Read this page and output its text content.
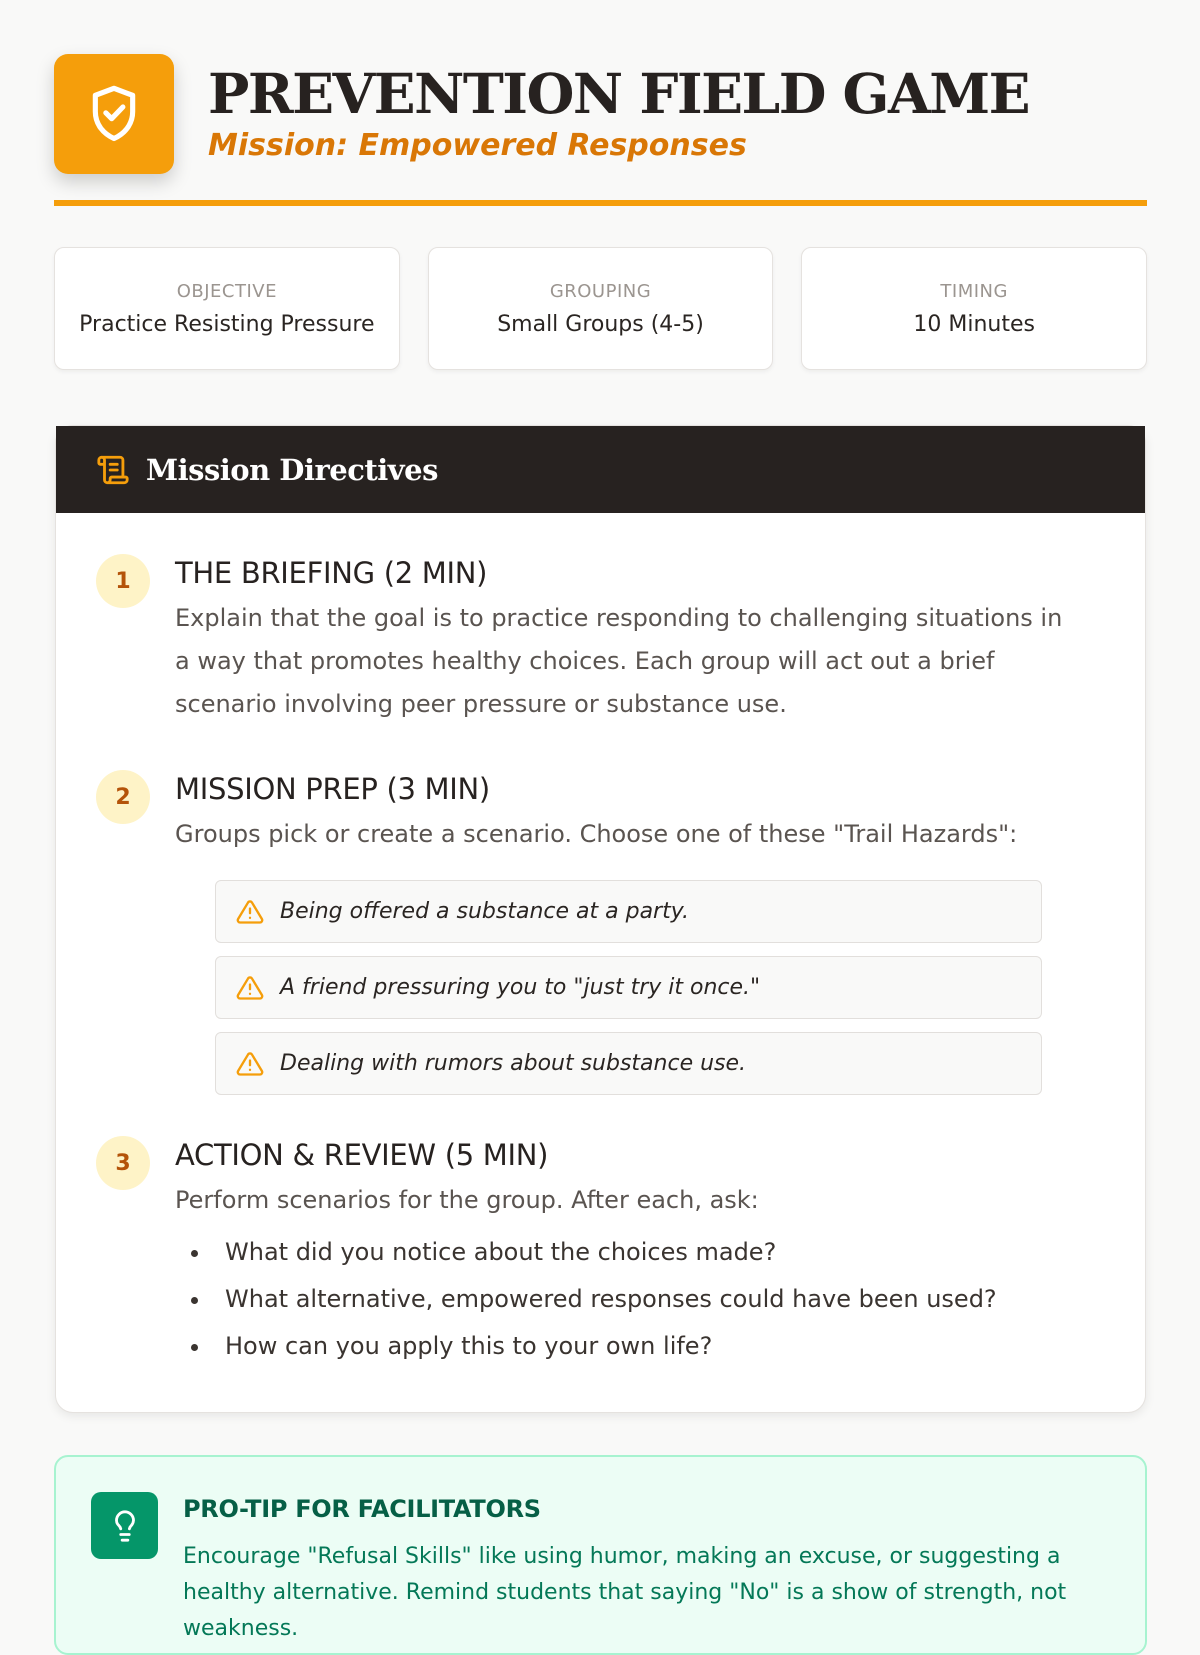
PREVENTION FIELD GAME
Mission: Empowered Responses
OBJECTIVE
Practice Resisting Pressure
GROUPING
Small Groups (4-5)
TIMING
10 Minutes
Mission Directives
1	THE BRIEFING (2 MIN)
Explain that the goal is to practice responding to challenging situations in a way that promotes healthy choices. Each group will act out a brief scenario involving peer pressure or substance use.
2	MISSION PREP (3 MIN)
Groups pick or create a scenario. Choose one of these "Trail Hazards":
Being offered a substance at a party.
A friend pressuring you to "just try it once."
Dealing with rumors about substance use.
3	ACTION & REVIEW (5 MIN)
Perform scenarios for the group. After each, ask:
What did you notice about the choices made?
What alternative, empowered responses could have been used?
How can you apply this to your own life?
PRO-TIP FOR FACILITATORS
Encourage "Refusal Skills" like using humor, making an excuse, or suggesting a healthy alternative. Remind students that saying "No" is a show of strength, not weakness.
